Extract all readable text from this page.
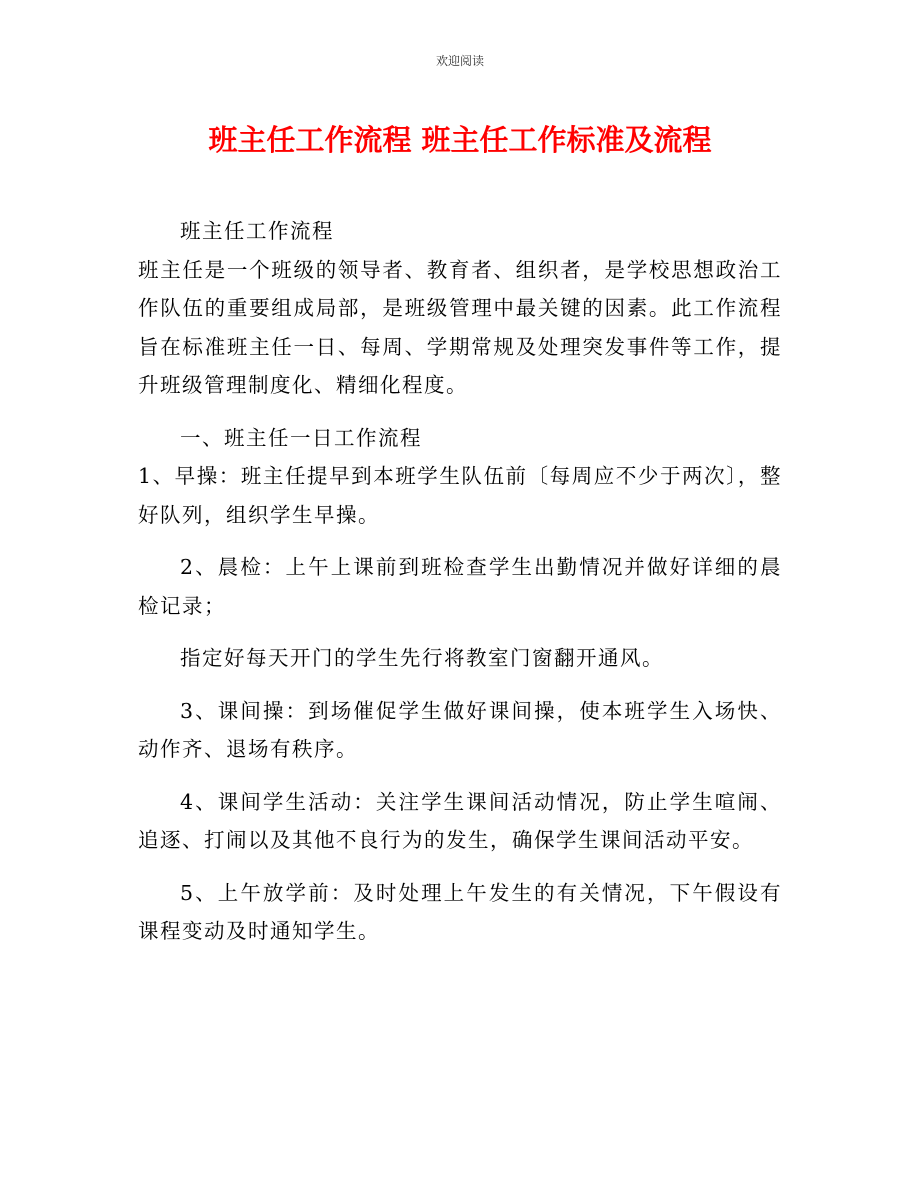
欢迎阅读
班主任工作流程 班主任工作标准及流程

班主任工作流程

班主任是一个班级的领导者、教育者、组织者，是学校思想政治工作队伍的重要组成局部，是班级管理中最关键的因素。此工作流程旨在标准班主任一日、每周、学期常规及处理突发事件等工作，提升班级管理制度化、精细化程度。

一、班主任一日工作流程

1、早操：班主任提早到本班学生队伍前〔每周应不少于两次〕，整好队列，组织学生早操。

2、晨检：上午上课前到班检查学生出勤情况并做好详细的晨检记录；

指定好每天开门的学生先行将教室门窗翻开通风。

3、课间操：到场催促学生做好课间操，使本班学生入场快、动作齐、退场有秩序。

4、课间学生活动：关注学生课间活动情况，防止学生喧闹、追逐、打闹以及其他不良行为的发生，确保学生课间活动平安。

5、上午放学前：及时处理上午发生的有关情况，下午假设有课程变动及时通知学生。
